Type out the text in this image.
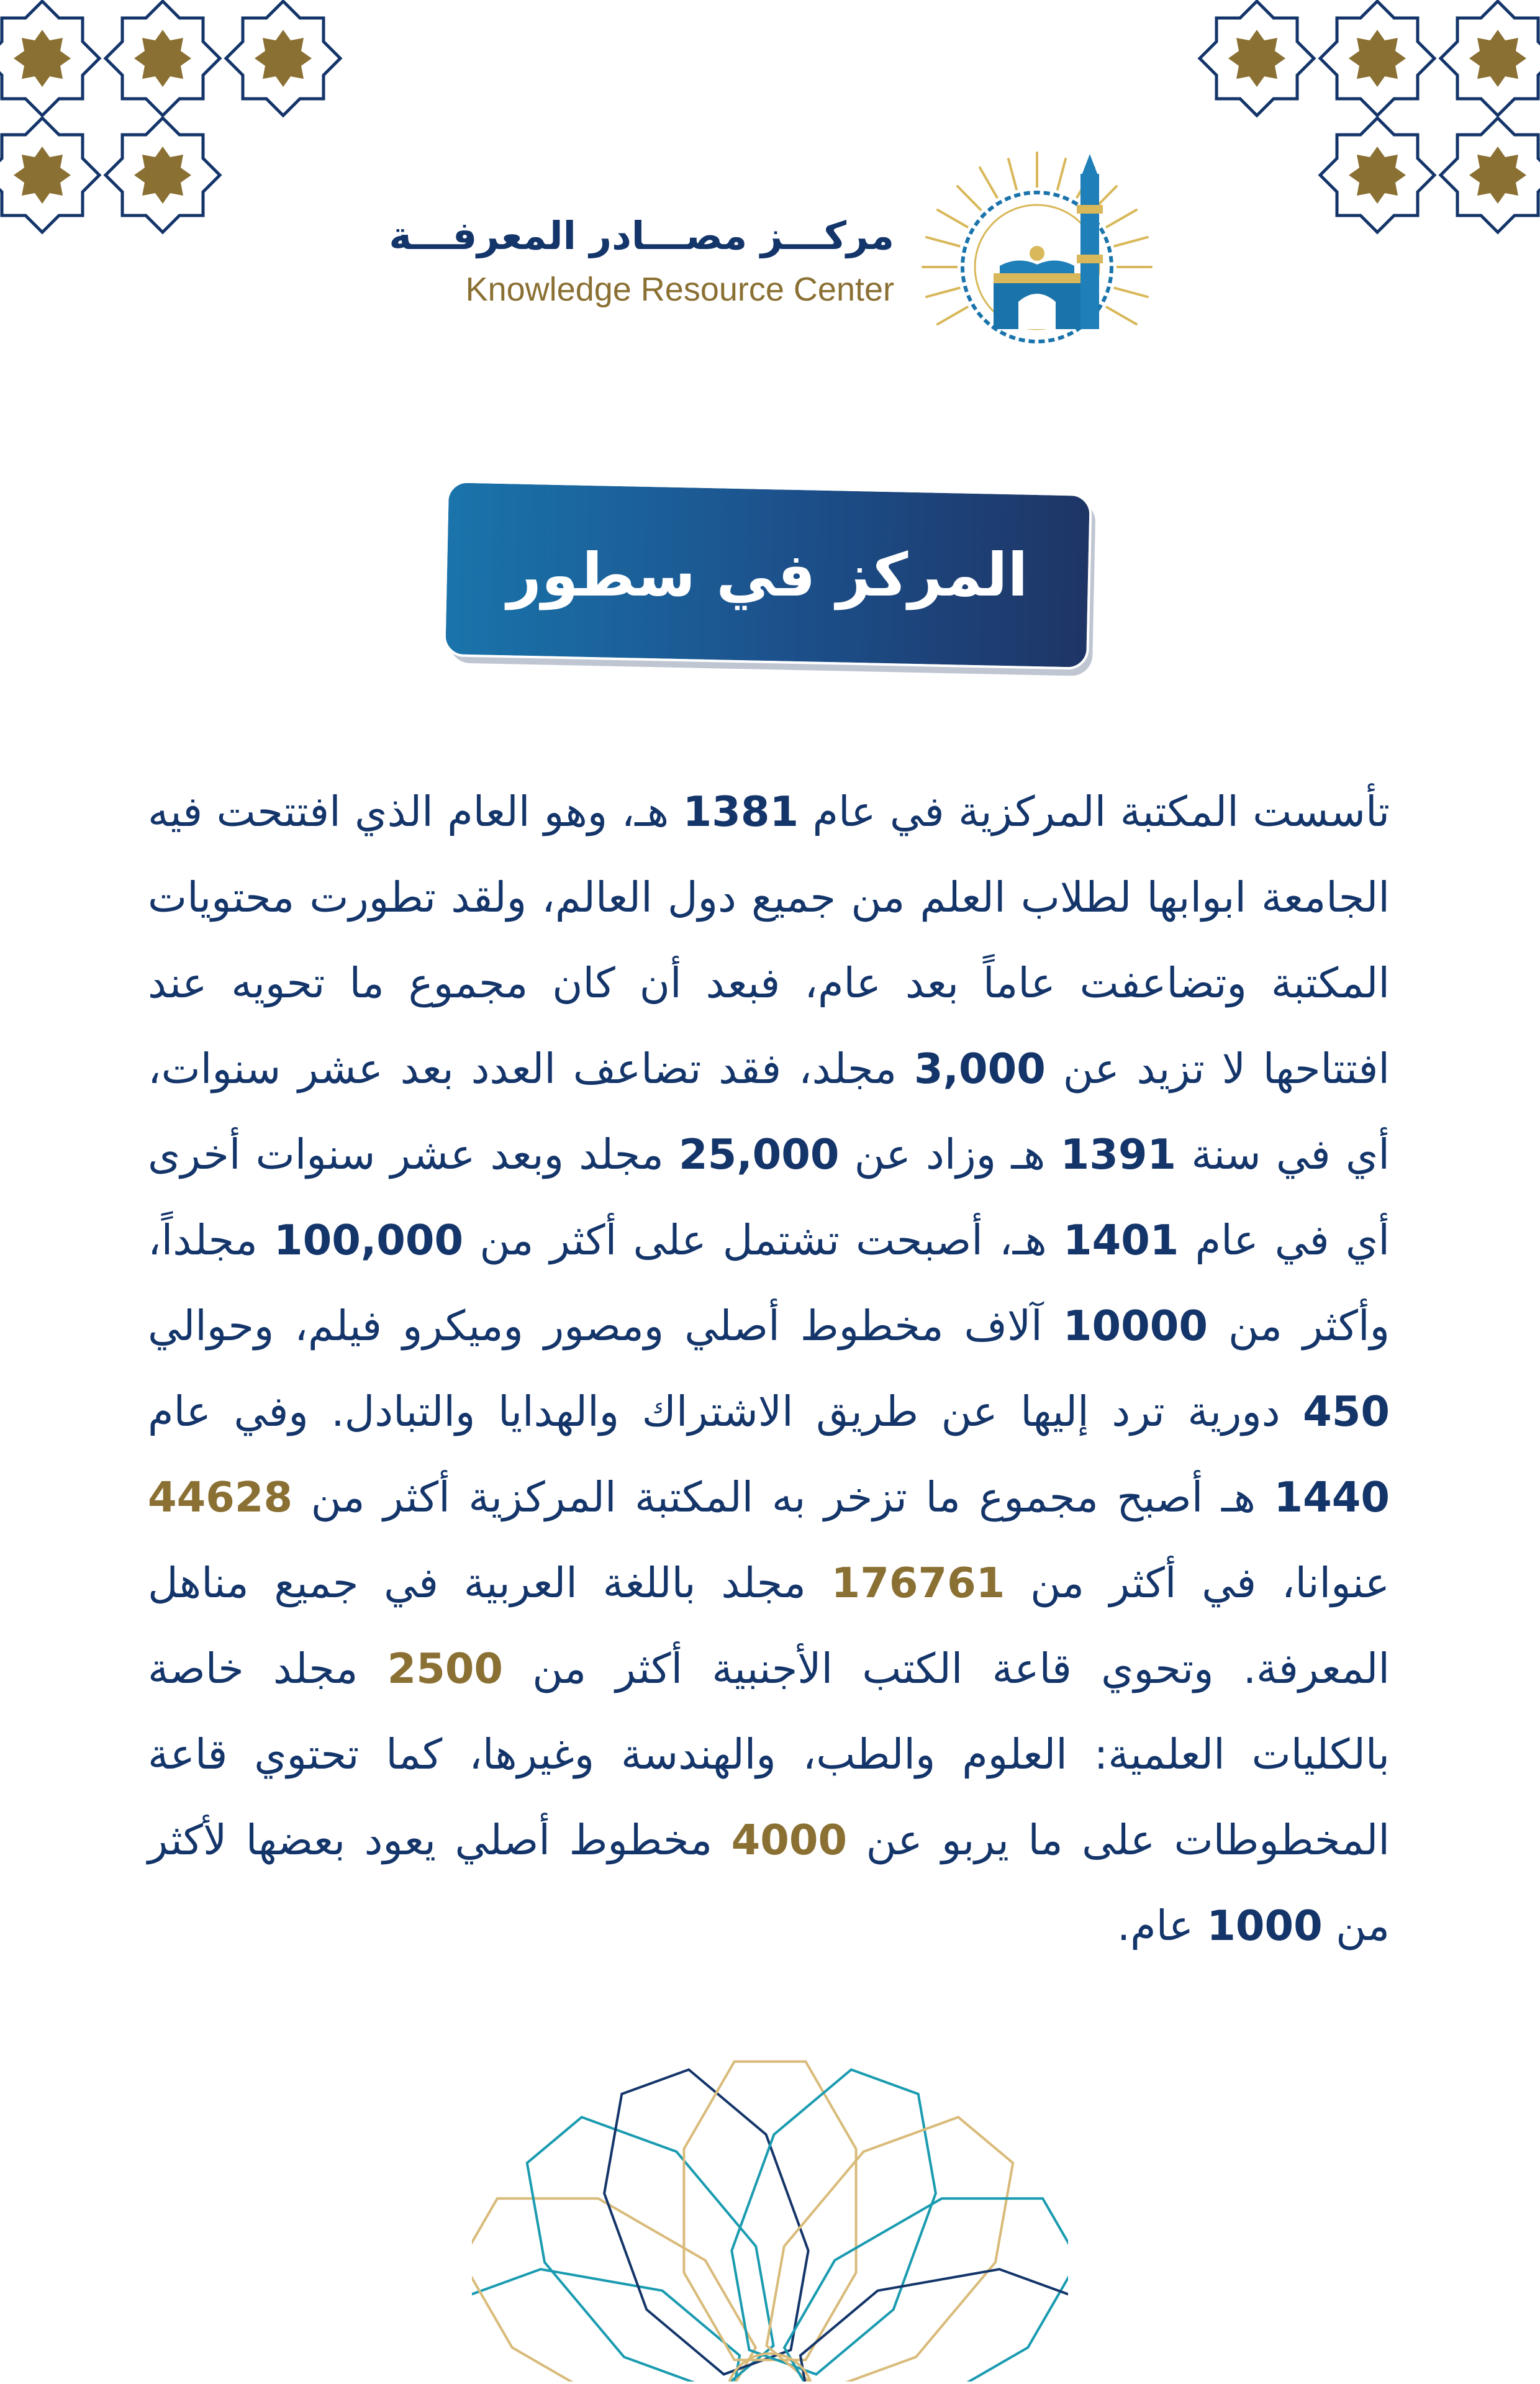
مركـــز مصـــادر المعرفـــة
Knowledge Resource Center
المركز في سطور
تأسست المكتبة المركزية في عام 1381 هـ، وهو العام الذي افتتحت فيه الجامعة ابوابها لطلاب العلم من جميع دول العالم، ولقد تطورت محتويات المكتبة وتضاعفت عاماً بعد عام، فبعد أن كان مجموع ما تحويه عند افتتاحها لا تزيد عن 3,000 مجلد، فقد تضاعف العدد بعد عشر سنوات، أي في سنة 1391 هـ وزاد عن 25,000 مجلد وبعد عشر سنوات أخرى أي في عام 1401 هـ، أصبحت تشتمل على أكثر من 100,000 مجلداً، وأكثر من 10000 آلاف مخطوط أصلي ومصور وميكرو فيلم، وحوالي 450 دورية ترد إليها عن طريق الاشتراك والهدايا والتبادل. وفي عام 1440 هـ أصبح مجموع ما تزخر به المكتبة المركزية أكثر من 44628 عنوانا، في أكثر من 176761 مجلد باللغة العربية في جميع مناهل المعرفة. وتحوي قاعة الكتب الأجنبية أكثر من 2500 مجلد خاصة بالكليات العلمية: العلوم والطب، والهندسة وغيرها، كما تحتوي قاعة المخطوطات على ما يربو عن 4000 مخطوط أصلي يعود بعضها لأكثر من 1000 عام.
